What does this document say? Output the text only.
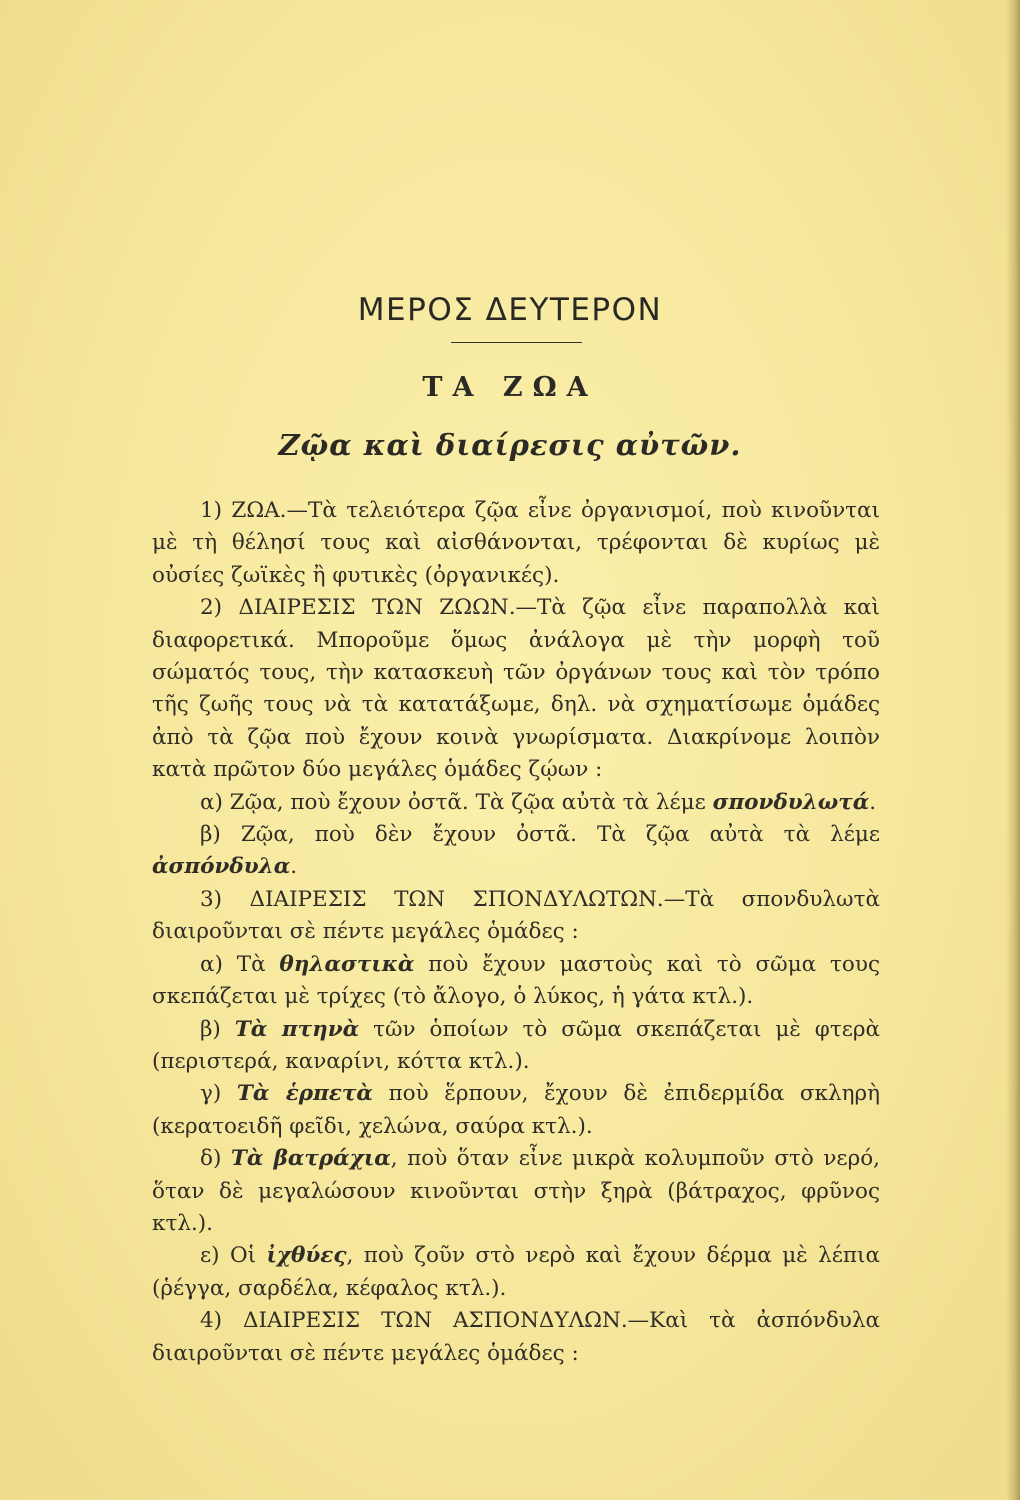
ΜΕΡΟΣ ΔΕΥΤΕΡΟΝ
ΤΑ ΖΩΑ
Ζῷα καὶ διαίρεσις αὐτῶν.

1) ΖΩΑ.—Τὰ τελειότερα ζῷα εἶνε ὀργανισμοί, ποὺ κινοῦνται μὲ τὴ θέλησί τους καὶ αἰσθάνονται, τρέφονται δὲ κυρίως μὲ οὐσίες ζωϊκὲς ἢ φυτικὲς (ὀργανικές).

2) ΔΙΑΙΡΕΣΙΣ ΤΩΝ ΖΩΩΝ.—Τὰ ζῷα εἶνε παραπολλὰ καὶ διαφορετικά. Μποροῦμε ὅμως ἀνάλογα μὲ τὴν μορφὴ τοῦ σώματός τους, τὴν κατασκευὴ τῶν ὀργάνων τους καὶ τὸν τρόπο τῆς ζωῆς τους νὰ τὰ κατατάξωμε, δηλ. νὰ σχηματίσωμε ὁμάδες ἀπὸ τὰ ζῷα ποὺ ἔχουν κοινὰ γνωρίσματα. Διακρίνομε λοιπὸν κατὰ πρῶτον δύο μεγάλες ὁμάδες ζῴων :

α) Ζῷα, ποὺ ἔχουν ὀστᾶ. Τὰ ζῷα αὐτὰ τὰ λέμε σπονδυλωτά.

β) Ζῷα, ποὺ δὲν ἔχουν ὀστᾶ. Τὰ ζῷα αὐτὰ τὰ λέμε ἀσπόνδυλα.

3) ΔΙΑΙΡΕΣΙΣ ΤΩΝ ΣΠΟΝΔΥΛΩΤΩΝ.—Τὰ σπονδυλωτὰ διαιροῦνται σὲ πέντε μεγάλες ὁμάδες :

α) Τὰ θηλαστικὰ ποὺ ἔχουν μαστοὺς καὶ τὸ σῶμα τους σκεπάζεται μὲ τρίχες (τὸ ἄλογο, ὁ λύκος, ἡ γάτα κτλ.).

β) Τὰ πτηνὰ τῶν ὁποίων τὸ σῶμα σκεπάζεται μὲ φτερὰ (περιστερά, καναρίνι, κόττα κτλ.).

γ) Τὰ ἑρπετὰ ποὺ ἕρπουν, ἔχουν δὲ ἐπιδερμίδα σκληρὴ (κερατοειδῆ φεῖδι, χελώνα, σαύρα κτλ.).

δ) Τὰ βατράχια, ποὺ ὅταν εἶνε μικρὰ κολυμποῦν στὸ νερό, ὅταν δὲ μεγαλώσουν κινοῦνται στὴν ξηρὰ (βάτραχος, φρῦνος κτλ.).

ε) Οἱ ἰχθύες, ποὺ ζοῦν στὸ νερὸ καὶ ἔχουν δέρμα μὲ λέπια (ῥέγγα, σαρδέλα, κέφαλος κτλ.).

4) ΔΙΑΙΡΕΣΙΣ ΤΩΝ ΑΣΠΟΝΔΥΛΩΝ.—Καὶ τὰ ἀσπόνδυλα διαιροῦνται σὲ πέντε μεγάλες ὁμάδες :
